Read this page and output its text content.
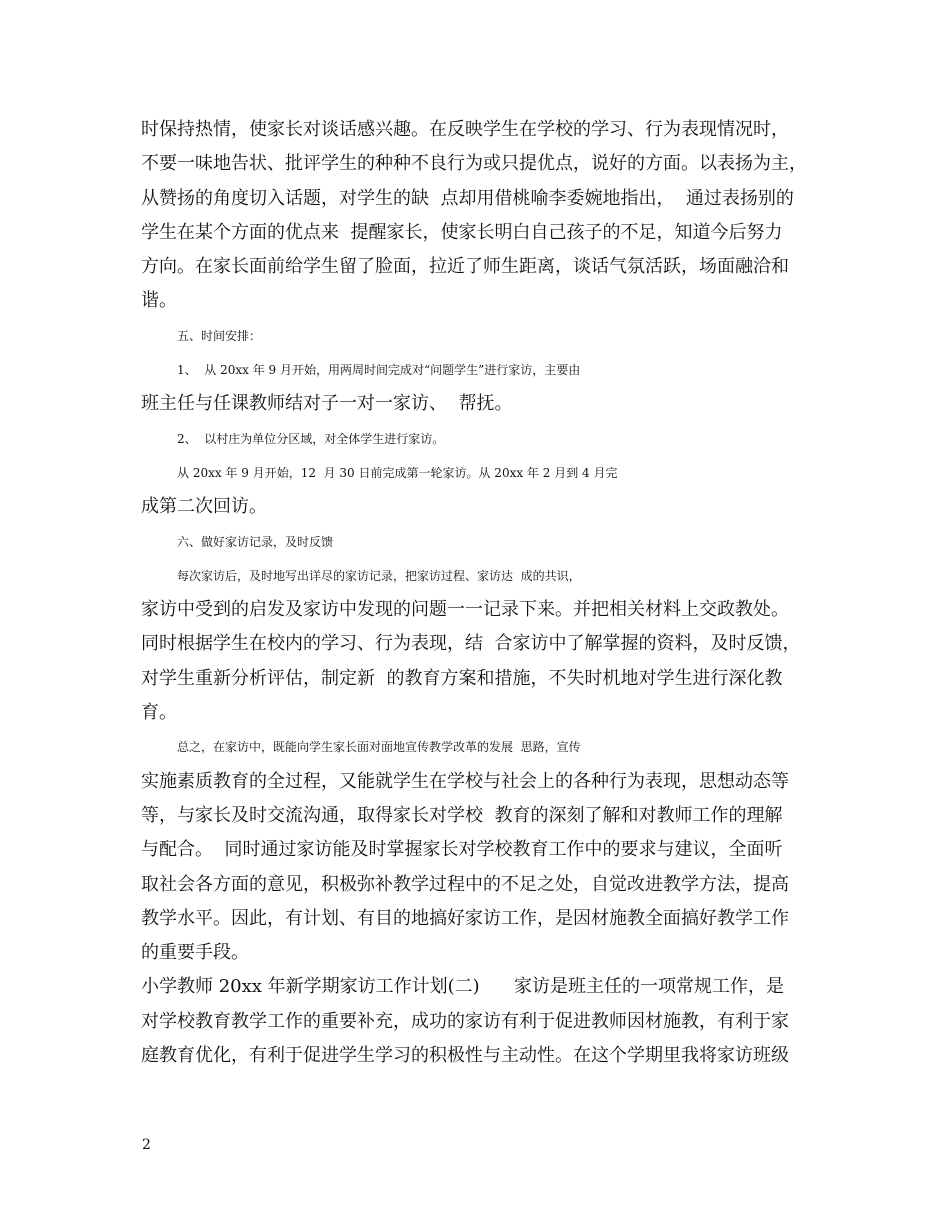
时保持热情，使家长对谈话感兴趣。在反映学生在学校的学习、行为表现情况时，
不要一味地告状、批评学生的种种不良行为或只提优点，说好的方面。以表扬为主，
从赞扬的角度切入话题，对学生的缺  点却用借桃喻李委婉地指出，  通过表扬别的
学生在某个方面的优点来  提醒家长，使家长明白自己孩子的不足，知道今后努力
方向。在家长面前给学生留了脸面，拉近了师生距离，谈话气氛活跃，场面融洽和
谐。
五、时间安排：
1、  从 20xx 年 9 月开始，用两周时间完成对“问题学生”进行家访，主要由
班主任与任课教师结对子一对一家访、  帮抚。
2、  以村庄为单位分区域，对全体学生进行家访。
从 20xx 年 9 月开始，12  月 30 日前完成第一轮家访。从 20xx 年 2 月到 4 月完
成第二次回访。
六、做好家访记录，及时反馈
每次家访后，及时地写出详尽的家访记录，把家访过程、家访达  成的共识，
家访中受到的启发及家访中发现的问题一一记录下来。并把相关材料上交政教处。
同时根据学生在校内的学习、行为表现，结  合家访中了解掌握的资料，及时反馈，
对学生重新分析评估，制定新  的教育方案和措施，不失时机地对学生进行深化教
育。
总之，在家访中，既能向学生家长面对面地宣传教学改革的发展  思路，宣传
实施素质教育的全过程，又能就学生在学校与社会上的各种行为表现，思想动态等
等，与家长及时交流沟通，取得家长对学校  教育的深刻了解和对教师工作的理解
与配合。  同时通过家访能及时掌握家长对学校教育工作中的要求与建议，全面听
取社会各方面的意见，积极弥补教学过程中的不足之处，自觉改进教学方法，提高
教学水平。因此，有计划、有目的地搞好家访工作，是因材施教全面搞好教学工作
的重要手段。
小学教师 20xx 年新学期家访工作计划(二)      家访是班主任的一项常规工作，是
对学校教育教学工作的重要补充，成功的家访有利于促进教师因材施教，有利于家
庭教育优化，有利于促进学生学习的积极性与主动性。在这个学期里我将家访班级
2
